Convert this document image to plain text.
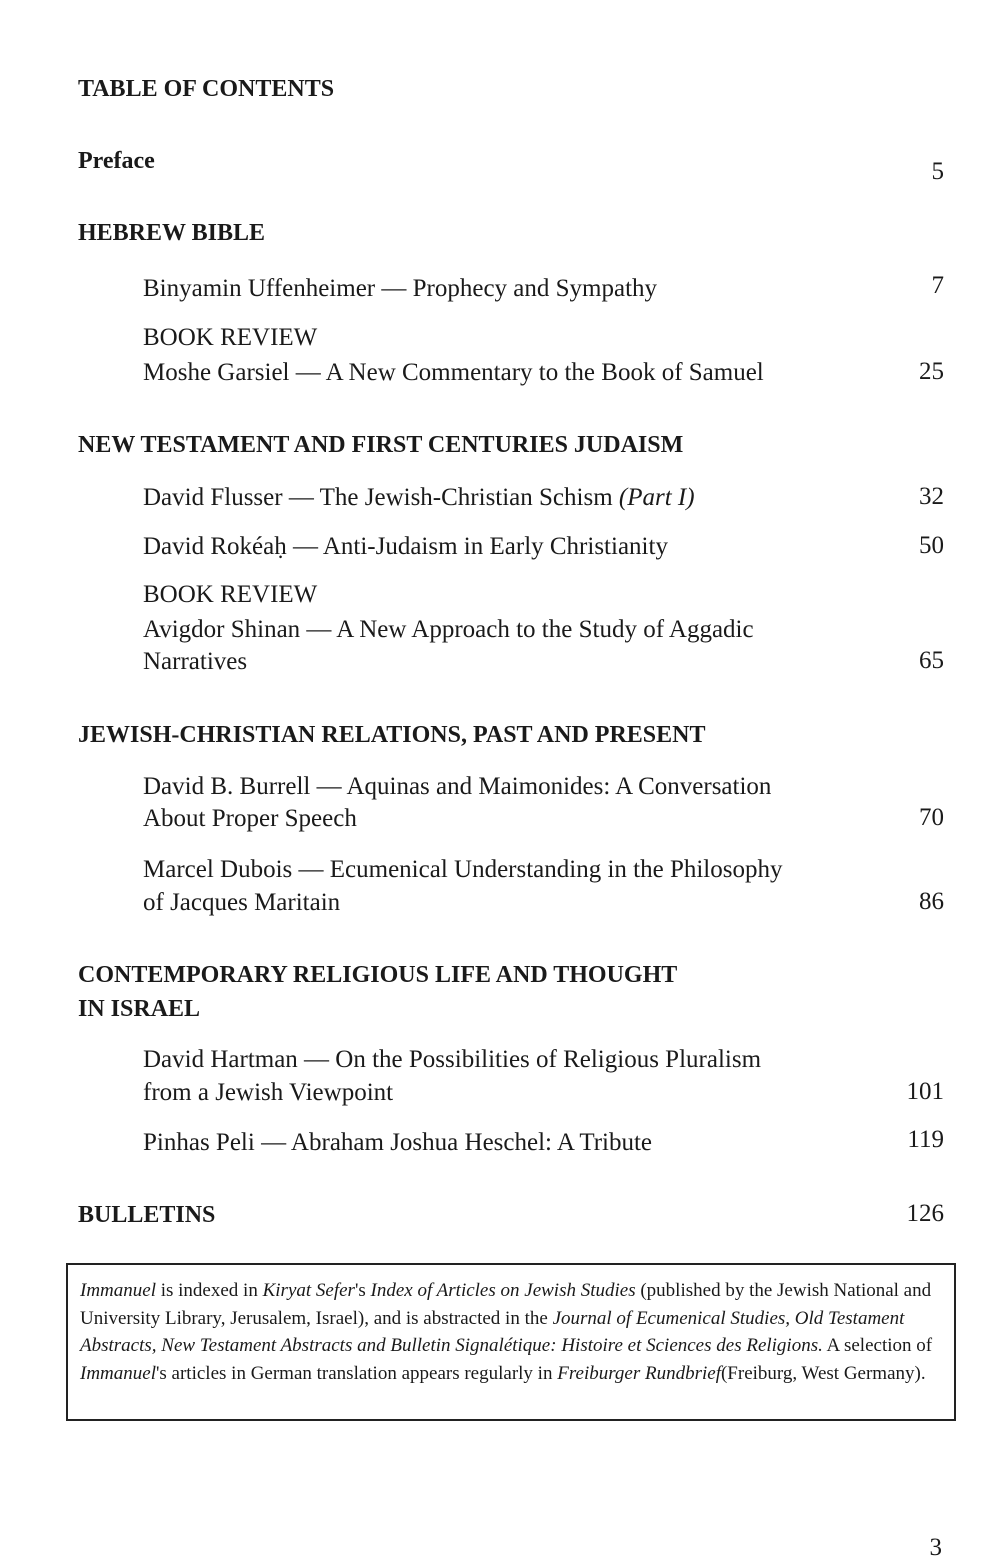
TABLE OF CONTENTS
Preface	5
HEBREW BIBLE
Binyamin Uffenheimer — Prophecy and Sympathy	7
BOOK REVIEW
Moshe Garsiel — A New Commentary to the Book of Samuel	25
NEW TESTAMENT AND FIRST CENTURIES JUDAISM
David Flusser — The Jewish-Christian Schism (Part I)	32
David Rokéaḥ — Anti-Judaism in Early Christianity	50
BOOK REVIEW
Avigdor Shinan — A New Approach to the Study of Aggadic
Narratives	65
JEWISH-CHRISTIAN RELATIONS, PAST AND PRESENT
David B. Burrell — Aquinas and Maimonides: A Conversation
About Proper Speech	70
Marcel Dubois — Ecumenical Understanding in the Philosophy
of Jacques Maritain	86
CONTEMPORARY RELIGIOUS LIFE AND THOUGHT
IN ISRAEL
David Hartman — On the Possibilities of Religious Pluralism
from a Jewish Viewpoint	101
Pinhas Peli — Abraham Joshua Heschel: A Tribute	119
BULLETINS	126
Immanuel is indexed in Kiryat Sefer's Index of Articles on Jewish Studies (published by the Jewish National and University Library, Jerusalem, Israel), and is abstracted in the Journal of Ecumenical Studies, Old Testament Abstracts, New Testament Abstracts and Bulletin Signalétique: Histoire et Sciences des Religions. A selection of Immanuel's articles in German translation appears regularly in Freiburger Rundbrief(Freiburg, West Germany).
3
